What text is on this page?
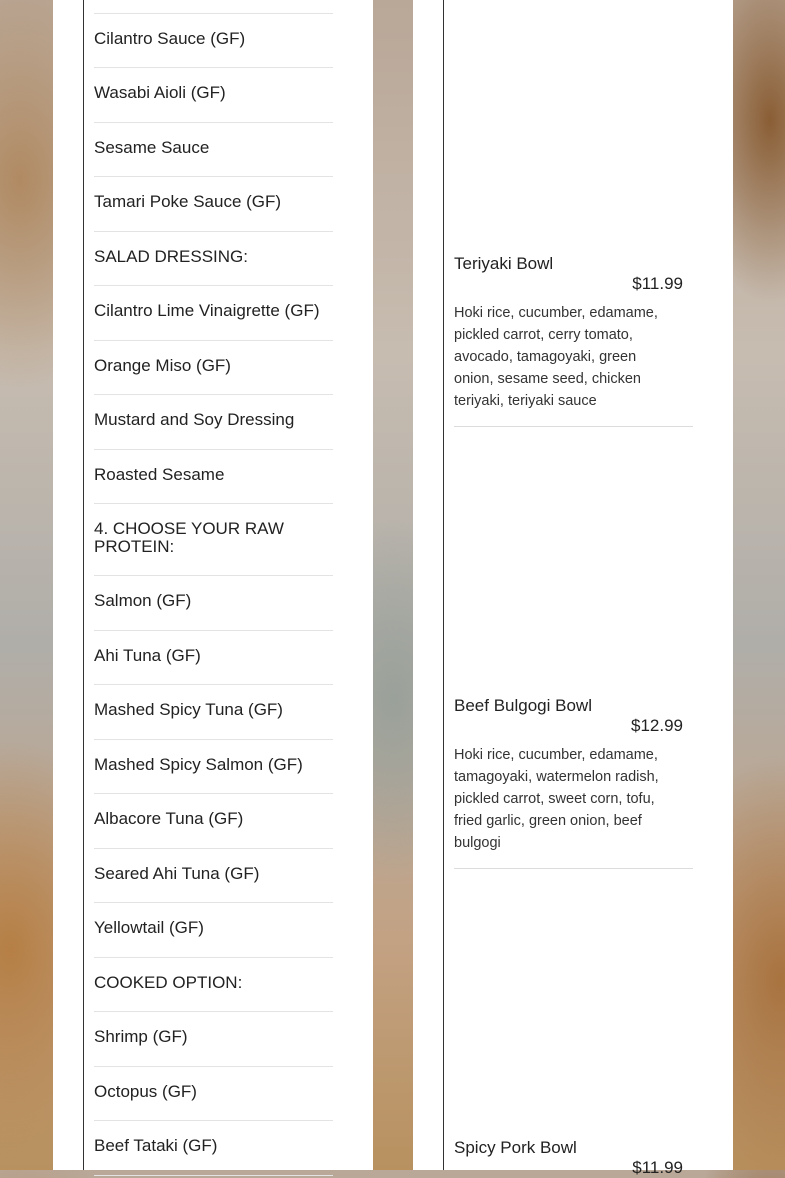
Cilantro Sauce (GF)
Wasabi Aioli (GF)
Sesame Sauce
Tamari Poke Sauce (GF)
SALAD DRESSING:
Cilantro Lime Vinaigrette (GF)
Orange Miso (GF)
Mustard and Soy Dressing
Roasted Sesame
4. CHOOSE YOUR RAW PROTEIN:
Salmon (GF)
Ahi Tuna (GF)
Mashed Spicy Tuna (GF)
Mashed Spicy Salmon (GF)
Albacore Tuna (GF)
Seared Ahi Tuna (GF)
Yellowtail (GF)
COOKED OPTION:
Shrimp (GF)
Octopus (GF)
Beef Tataki (GF)
Teriyaki Bowl
$11.99
Hoki rice, cucumber, edamame, pickled carrot, cerry tomato, avocado, tamagoyaki, green onion, sesame seed, chicken teriyaki, teriyaki sauce
Beef Bulgogi Bowl
$12.99
Hoki rice, cucumber, edamame, tamagoyaki, watermelon radish, pickled carrot, sweet corn, tofu, fried garlic, green onion, beef bulgogi
Spicy Pork Bowl
$11.99
